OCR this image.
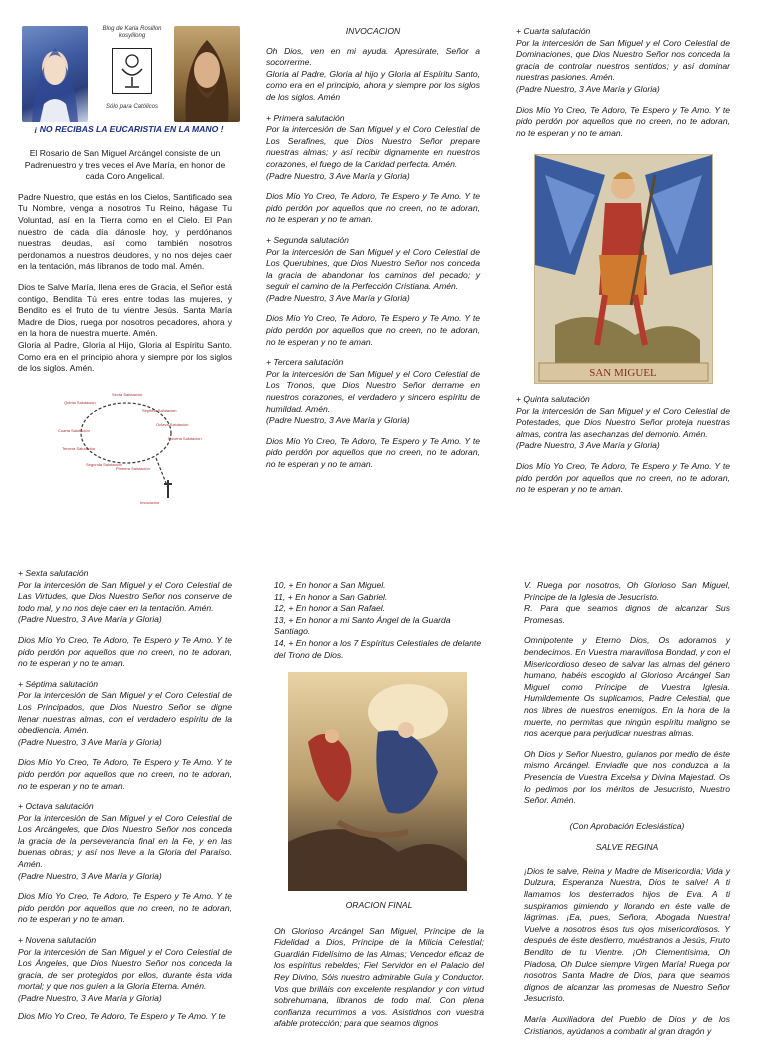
Blog de Karla Rosillon kosylilong
Sólo para Católicos
¡ NO RECIBAS LA EUCARISTIA EN LA MANO !

El Rosario de San Miguel Arcángel consiste de un Padrenuestro y tres veces el Ave María, en honor de cada Coro Angelical.

Padre Nuestro, que estás en los Cielos, Santificado sea Tu Nombre, venga a nosotros Tu Reino, hágase Tu Voluntad, así en la Tierra como en el Cielo. El Pan nuestro de cada día dánosle hoy, y perdónanos nuestras deudas, así como también nosotros perdonamos a nuestros deudores, y no nos dejes caer en la tentación, más líbranos de todo mal. Amén.

Dios te Salve María, llena eres de Gracia, el Señor está contigo, Bendita Tú eres entre todas las mujeres, y Bendito es el fruto de tu vientre Jesús. Santa María Madre de Dios, ruega por nosotros pecadores, ahora y en la hora de nuestra muerte. Amén.

Gloria al Padre, Gloria al Hijo, Gloria al Espíritu Santo. Como era en el principio ahora y siempre por los siglos de los siglos. Amén.

Sexta Salutación
Quinta Salutación
Séptima Salutación
Octava Salutación
Cuarta Salutación
Novena Salutación
Tercera Salutación
Segunda Salutación
Primera Salutación
Invocación

INVOCACION

Oh Dios, ven en mi ayuda. Apresúrate, Señor a socorrerme.

Gloria al Padre, Gloria al hijo y Gloria al Espíritu Santo, como era en el principio, ahora y siempre por los siglos de los siglos. Amén

+ Primera salutación

Por la intercesión de San Miguel y el Coro Celestial de Los Serafines, que Dios Nuestro Señor prepare nuestras almas; y así recibir dignamente en nuestros corazones, el fuego de la Caridad perfecta. Amén.

(Padre Nuestro, 3 Ave María y Gloria)

Dios Mío Yo Creo, Te Adoro, Te Espero y Te Amo. Y te pido perdón por aquellos que no creen, no te adoran, no te esperan y no te aman.

+ Segunda salutación

Por la intercesión de San Miguel y el Coro Celestial de Los Querubines, que Dios Nuestro Señor nos conceda la gracia de abandonar los caminos del pecado; y seguir el camino de la Perfección Cristiana. Amén.

(Padre Nuestro, 3 Ave María y Gloria)

Dios Mío Yo Creo, Te Adoro, Te Espero y Te Amo. Y te pido perdón por aquellos que no creen, no te adoran, no te esperan y no te aman.

+ Tercera salutación

Por la intercesión de San Miguel y el Coro Celestial de Los Tronos, que Dios Nuestro Señor derrame en nuestros corazones, el verdadero y sincero espíritu de humildad. Amén.

(Padre Nuestro, 3 Ave María y Gloria)

Dios Mío Yo Creo, Te Adoro, Te Espero y Te Amo. Y te pido perdón por aquellos que no creen, no te adoran, no te esperan y no te aman.

+ Cuarta salutación

Por la intercesión de San Miguel y el Coro Celestial de Dominaciones, que Dios Nuestro Señor nos conceda la gracia de controlar nuestros sentidos; y así dominar nuestras pasiones. Amén.

(Padre Nuestro, 3 Ave María y Gloria)

Dios Mío Yo Creo, Te Adoro, Te Espero y Te Amo. Y te pido perdón por aquellos que no creen, no te adoran, no te esperan y no te aman.

SAN MIGUEL

+ Quinta salutación

Por la intercesión de San Miguel y el Coro Celestial de Potestades, que Dios Nuestro Señor proteja nuestras almas, contra las asechanzas del demonio. Amén.

(Padre Nuestro, 3 Ave María y Gloria)

Dios Mío Yo Creo, Te Adoro, Te Espero y Te Amo. Y te pido perdón por aquellos que no creen, no te adoran, no te esperan y no te aman.

+ Sexta salutación

Por la intercesión de San Miguel y el Coro Celestial de Las Virtudes, que Dios Nuestro Señor nos conserve de todo mal, y no nos deje caer en la tentación. Amén.

(Padre Nuestro, 3 Ave María y Gloria)

Dios Mío Yo Creo, Te Adoro, Te Espero y Te Amo. Y te pido perdón por aquellos que no creen, no te adoran, no te esperan y no te aman.

+ Séptima salutación

Por la intercesión de San Miguel y el Coro Celestial de Los Principados, que Dios Nuestro Señor se digne llenar nuestras almas, con el verdadero espíritu de la obediencia. Amén.

(Padre Nuestro, 3 Ave María y Gloria)

Dios Mío Yo Creo, Te Adoro, Te Espero y Te Amo. Y te pido perdón por aquellos que no creen, no te adoran, no te esperan y no te aman.

+ Octava salutación

Por la intercesión de San Miguel y el Coro Celestial de Los Arcángeles, que Dios Nuestro Señor nos conceda la gracia de la perseverancia final en la Fe, y en las buenas obras; y así nos lleve a la Gloria del Paraíso. Amén.

(Padre Nuestro, 3 Ave María y Gloria)

Dios Mío Yo Creo, Te Adoro, Te Espero y Te Amo. Y te pido perdón por aquellos que no creen, no te adoran, no te esperan y no te aman.

+ Novena salutación

Por la intercesión de San Miguel y el Coro Celestial de Los Ángeles, que Dios Nuestro Señor nos conceda la gracia, de ser protegidos por ellos, durante ésta vida mortal; y que nos guíen a la Gloria Eterna. Amén.

(Padre Nuestro, 3 Ave María y Gloria)

Dios Mío Yo Creo, Te Adoro, Te Espero y Te Amo. Y te

10, + En honor a San Miguel.

11, + En honor a San Gabriel.

12, + En honor a San Rafael.

13, + En honor a mi Santo Ángel de la Guarda Santiago.

14, + En honor a los 7 Espíritus Celestiales de delante del Trono de Dios.

ORACION FINAL

Oh Glorioso Arcángel San Miguel, Príncipe de la Fidelidad a Dios, Príncipe de la Milicia Celestial; Guardián Fidelísimo de las Almas; Vencedor eficaz de los espíritus rebeldes; Fiel Servidor en el Palacio del Rey Divino, Sóis nuestro admirable Guía y Conductor. Vos que brilláis con excelente resplandor y con virtud sobrehumana, libranos de todo mal. Con plena confianza recurrimos a vos. Asistidnos con vuestra afable protección; para que seamos dignos

V. Ruega por nosotros, Oh Glorioso San Miguel, Príncipe de la Iglesia de Jesucristo.

R. Para que seamos dignos de alcanzar Sus Promesas.

Omnipotente y Eterno Dios, Os adoramos y bendecimos. En Vuestra maravillosa Bondad, y con el Misericordioso deseo de salvar las almas del género humano, habéis escogido al Glorioso Arcángel San Miguel como Príncipe de Vuestra Iglesia. Humildemente Os suplicamos, Padre Celestial, que nos libres de nuestros enemigos. En la hora de la muerte, no permitas que ningún espíritu maligno se nos acerque para perjudicar nuestras almas.

Oh Dios y Señor Nuestro, guíanos por medio de éste mismo Arcángel. Enviadle que nos conduzca a la Presencia de Vuestra Excelsa y Divina Majestad. Os lo pedimos por los méritos de Jesucristo, Nuestro Señor. Amén.

(Con Aprobación Eclesiástica)

SALVE REGINA

¡Dios te salve, Reina y Madre de Misericordia; Vida y Dulzura, Esperanza Nuestra, Dios te salve! A ti llamamos los desterrados hijos de Eva. A ti suspiramos gimiendo y llorando en éste valle de lágrimas. ¡Ea, pues, Señora, Abogada Nuestra! Vuelve a nosotros ésos tus ojos misericordiosos. Y después de éste destierro, muéstranos a Jesús, Fruto Bendito de tu Vientre. ¡Oh Clementísima, Oh Piadosa, Oh Dulce siempre Virgen María! Ruega por nosotros Santa Madre de Dios, para que seamos dignos de alcanzar las promesas de Nuestro Señor Jesucristo.

María Auxiliadora del Pueblo de Dios y de los Cristianos, ayúdanos a combatir al gran dragón y
